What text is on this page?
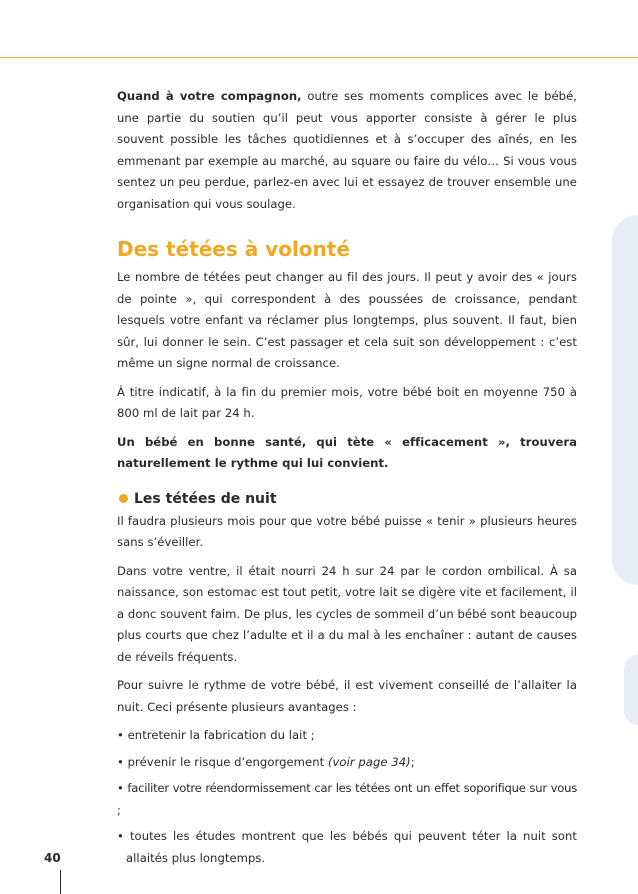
Quand à votre compagnon, outre ses moments complices avec le bébé, une partie du soutien qu’il peut vous apporter consiste à gérer le plus souvent possible les tâches quotidiennes et à s’occuper des aînés, en les emmenant par exemple au marché, au square ou faire du vélo… Si vous vous sentez un peu perdue, parlez-en avec lui et essayez de trouver ensemble une organisation qui vous soulage.

Des tétées à volonté

Le nombre de tétées peut changer au fil des jours. Il peut y avoir des « jours de pointe », qui correspondent à des poussées de croissance, pendant lesquels votre enfant va réclamer plus longtemps, plus souvent. Il faut, bien sûr, lui donner le sein. C’est passager et cela suit son développement : c’est même un signe normal de croissance.

À titre indicatif, à la fin du premier mois, votre bébé boit en moyenne 750 à 800 ml de lait par 24 h.

Un bébé en bonne santé, qui tète « efficacement », trouvera naturellement le rythme qui lui convient.

Les tétées de nuit

Il faudra plusieurs mois pour que votre bébé puisse « tenir » plusieurs heures sans s’éveiller.

Dans votre ventre, il était nourri 24 h sur 24 par le cordon ombilical. À sa naissance, son estomac est tout petit, votre lait se digère vite et facilement, il a donc souvent faim. De plus, les cycles de sommeil d’un bébé sont beaucoup plus courts que chez l’adulte et il a du mal à les enchaîner : autant de causes de réveils fréquents.

Pour suivre le rythme de votre bébé, il est vivement conseillé de l’allaiter la nuit. Ceci présente plusieurs avantages :

• entretenir la fabrication du lait ;

• prévenir le risque d’engorgement (voir page 34);

• faciliter votre réendormissement car les tétées ont un effet soporifique sur vous ;

• toutes les études montrent que les bébés qui peuvent téter la nuit sont allaités plus longtemps.

40
